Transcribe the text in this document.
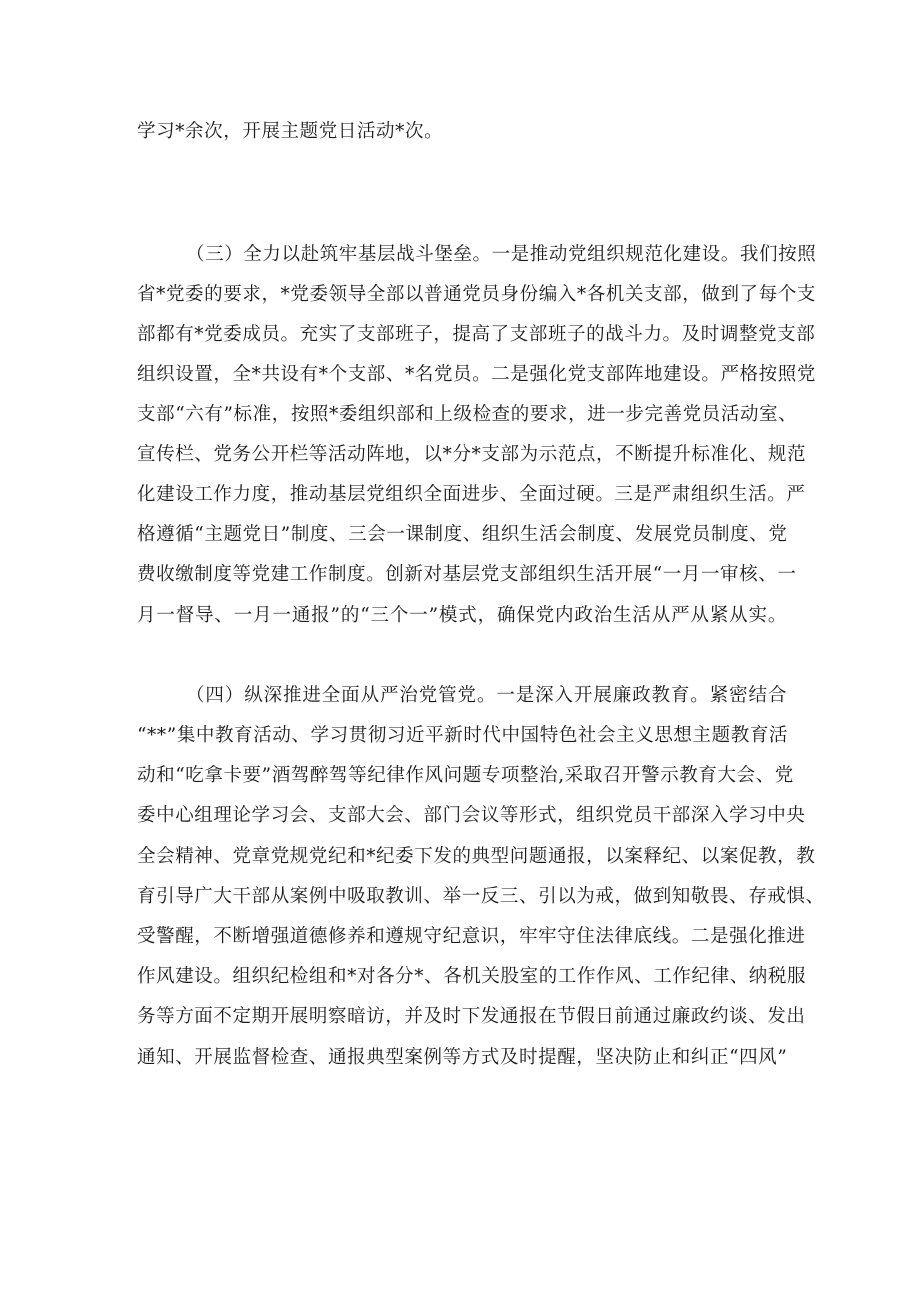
学习*余次，开展主题党日活动*次。
（三）全力以赴筑牢基层战斗堡垒。一是推动党组织规范化建设。我们按照
省*党委的要求，*党委领导全部以普通党员身份编入*各机关支部，做到了每个支
部都有*党委成员。充实了支部班子，提高了支部班子的战斗力。及时调整党支部
组织设置，全*共设有*个支部、*名党员。二是强化党支部阵地建设。严格按照党
支部“六有”标准，按照*委组织部和上级检查的要求，进一步完善党员活动室、
宣传栏、党务公开栏等活动阵地，以*分*支部为示范点，不断提升标准化、规范
化建设工作力度，推动基层党组织全面进步、全面过硬。三是严肃组织生活。严
格遵循“主题党日”制度、三会一课制度、组织生活会制度、发展党员制度、党
费收缴制度等党建工作制度。创新对基层党支部组织生活开展“一月一审核、一
月一督导、一月一通报”的“三个一”模式，确保党内政治生活从严从紧从实。
（四）纵深推进全面从严治党管党。一是深入开展廉政教育。紧密结合
“**”集中教育活动、学习贯彻习近平新时代中国特色社会主义思想主题教育活
动和“吃拿卡要”酒驾醉驾等纪律作风问题专项整治,采取召开警示教育大会、党
委中心组理论学习会、支部大会、部门会议等形式，组织党员干部深入学习中央
全会精神、党章党规党纪和*纪委下发的典型问题通报，以案释纪、以案促教，教
育引导广大干部从案例中吸取教训、举一反三、引以为戒，做到知敬畏、存戒惧、
受警醒，不断增强道德修养和遵规守纪意识，牢牢守住法律底线。二是强化推进
作风建设。组织纪检组和*对各分*、各机关股室的工作作风、工作纪律、纳税服
务等方面不定期开展明察暗访，并及时下发通报在节假日前通过廉政约谈、发出
通知、开展监督检查、通报典型案例等方式及时提醒，坚决防止和纠正“四风”
